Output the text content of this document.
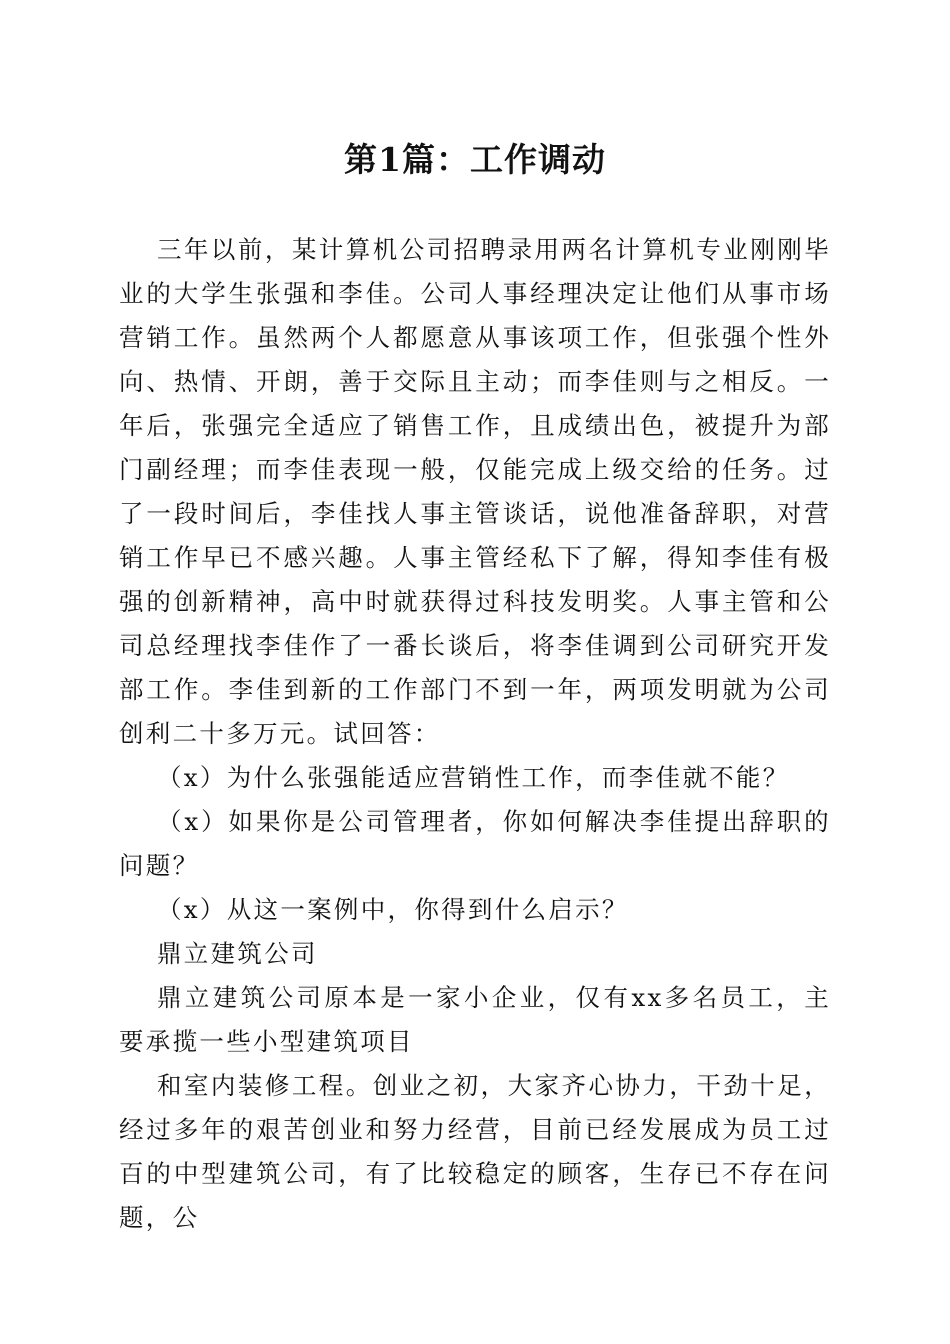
第1篇：工作调动

三年以前，某计算机公司招聘录用两名计算机专业刚刚毕业的大学生张强和李佳。公司人事经理决定让他们从事市场营销工作。虽然两个人都愿意从事该项工作，但张强个性外向、热情、开朗，善于交际且主动；而李佳则与之相反。一年后，张强完全适应了销售工作，且成绩出色，被提升为部门副经理；而李佳表现一般，仅能完成上级交给的任务。过了一段时间后，李佳找人事主管谈话，说他准备辞职，对营销工作早已不感兴趣。人事主管经私下了解，得知李佳有极强的创新精神，高中时就获得过科技发明奖。人事主管和公司总经理找李佳作了一番长谈后，将李佳调到公司研究开发部工作。李佳到新的工作部门不到一年，两项发明就为公司创利二十多万元。试回答：

（x）为什么张强能适应营销性工作，而李佳就不能？

（x）如果你是公司管理者，你如何解决李佳提出辞职的问题？

（x）从这一案例中，你得到什么启示？

鼎立建筑公司

鼎立建筑公司原本是一家小企业，仅有xx多名员工，主要承揽一些小型建筑项目

和室内装修工程。创业之初，大家齐心协力，干劲十足，经过多年的艰苦创业和努力经营，目前已经发展成为员工过百的中型建筑公司，有了比较稳定的顾客，生存已不存在问题，公
